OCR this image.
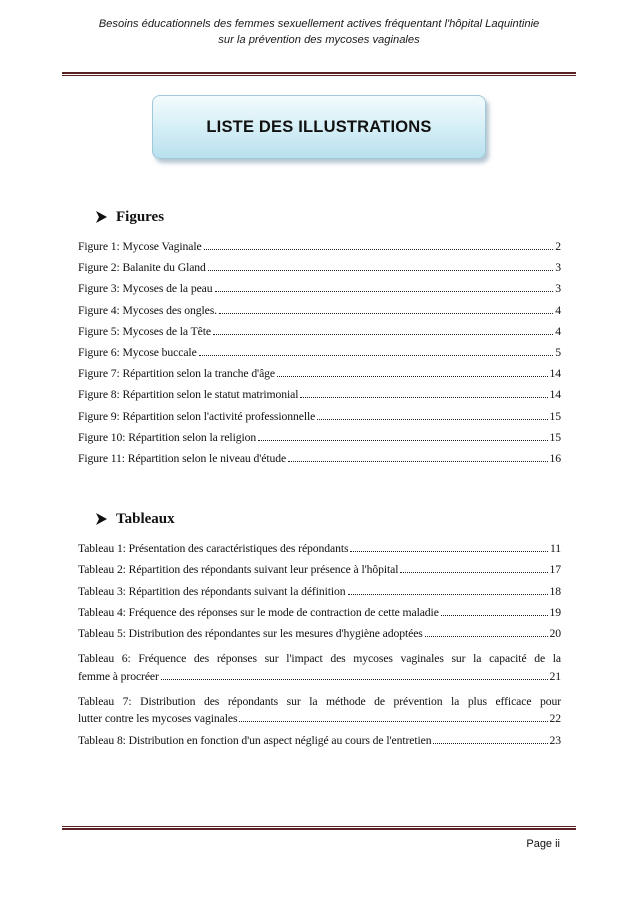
Besoins éducationnels des femmes sexuellement actives fréquentant l'hôpital Laquintinie
sur la prévention des mycoses vaginales
LISTE DES ILLUSTRATIONS
Figures
Figure 1: Mycose Vaginale	2
Figure 2: Balanite du Gland	3
Figure 3: Mycoses de la peau	3
Figure 4: Mycoses des ongles.	4
Figure 5: Mycoses de la Tête	4
Figure 6: Mycose buccale	5
Figure 7: Répartition selon la tranche d'âge	14
Figure 8: Répartition selon le statut matrimonial	14
Figure 9: Répartition selon l'activité professionnelle	15
Figure 10: Répartition selon la religion	15
Figure 11: Répartition selon le niveau d'étude	16
Tableaux
Tableau 1: Présentation des caractéristiques des répondants	11
Tableau 2: Répartition des répondants suivant leur présence à l'hôpital	17
Tableau 3: Répartition des répondants suivant la définition	18
Tableau 4: Fréquence des réponses sur le mode de contraction de cette maladie	19
Tableau 5: Distribution des répondantes sur les mesures d'hygiène adoptées	20
Tableau 6: Fréquence des réponses sur l'impact des mycoses vaginales sur la capacité de la
femme à procréer	21
Tableau 7: Distribution des répondants sur la méthode de prévention la plus efficace pour
lutter contre les mycoses vaginales	22
Tableau 8: Distribution en fonction d'un aspect négligé au cours de l'entretien	23
Page ii
